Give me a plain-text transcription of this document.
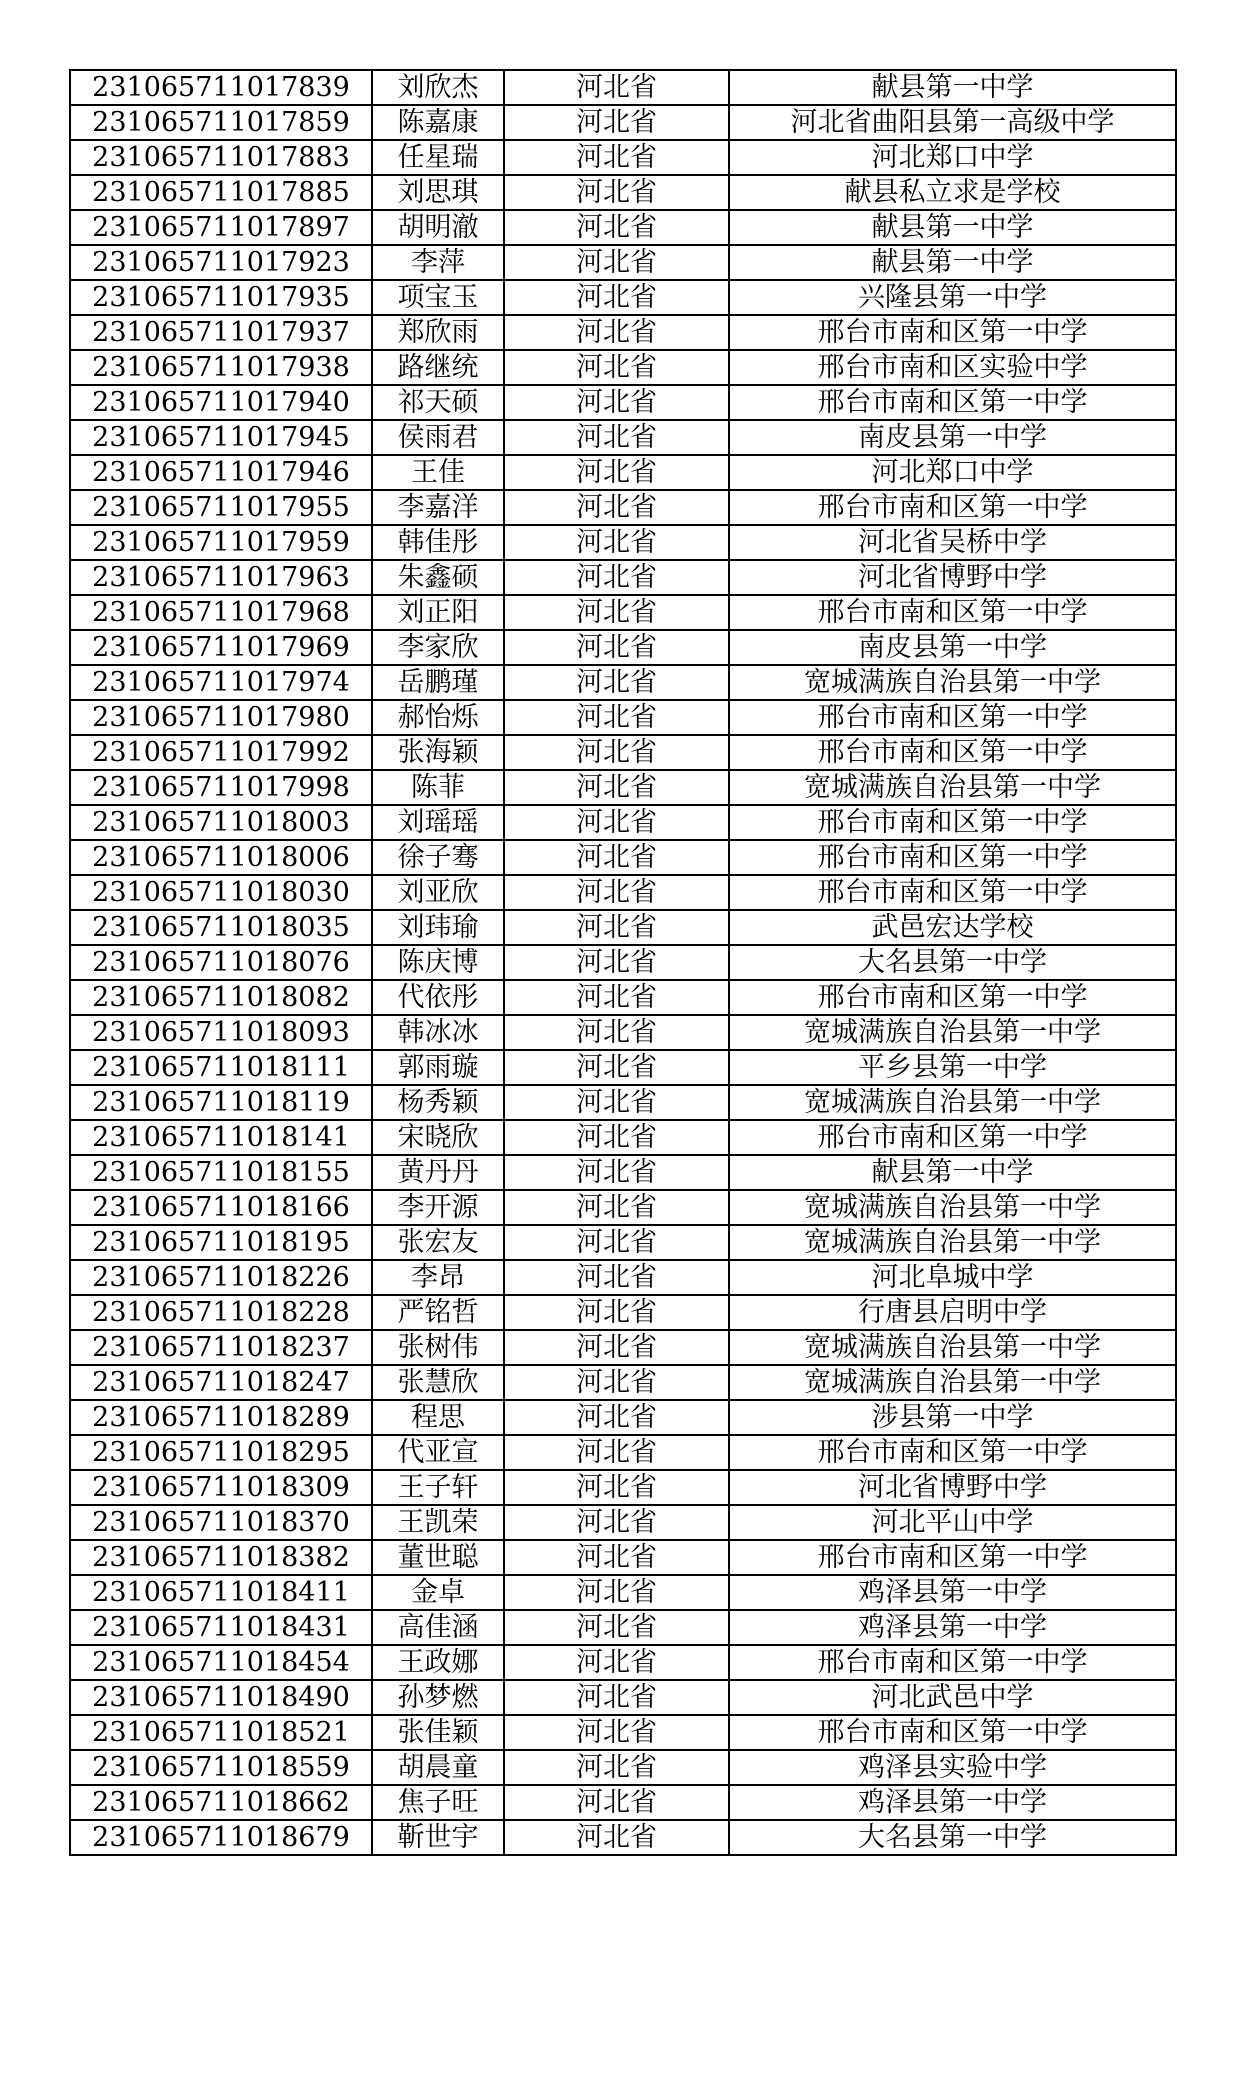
231065711017839	刘欣杰	河北省	献县第一中学
231065711017859	陈嘉康	河北省	河北省曲阳县第一高级中学
231065711017883	任星瑞	河北省	河北郑口中学
231065711017885	刘思琪	河北省	献县私立求是学校
231065711017897	胡明澈	河北省	献县第一中学
231065711017923	李萍	河北省	献县第一中学
231065711017935	项宝玉	河北省	兴隆县第一中学
231065711017937	郑欣雨	河北省	邢台市南和区第一中学
231065711017938	路继统	河北省	邢台市南和区实验中学
231065711017940	祁天硕	河北省	邢台市南和区第一中学
231065711017945	侯雨君	河北省	南皮县第一中学
231065711017946	王佳	河北省	河北郑口中学
231065711017955	李嘉洋	河北省	邢台市南和区第一中学
231065711017959	韩佳彤	河北省	河北省吴桥中学
231065711017963	朱鑫硕	河北省	河北省博野中学
231065711017968	刘正阳	河北省	邢台市南和区第一中学
231065711017969	李家欣	河北省	南皮县第一中学
231065711017974	岳鹏瑾	河北省	宽城满族自治县第一中学
231065711017980	郝怡烁	河北省	邢台市南和区第一中学
231065711017992	张海颖	河北省	邢台市南和区第一中学
231065711017998	陈菲	河北省	宽城满族自治县第一中学
231065711018003	刘瑶瑶	河北省	邢台市南和区第一中学
231065711018006	徐子骞	河北省	邢台市南和区第一中学
231065711018030	刘亚欣	河北省	邢台市南和区第一中学
231065711018035	刘玮瑜	河北省	武邑宏达学校
231065711018076	陈庆博	河北省	大名县第一中学
231065711018082	代依彤	河北省	邢台市南和区第一中学
231065711018093	韩冰冰	河北省	宽城满族自治县第一中学
231065711018111	郭雨璇	河北省	平乡县第一中学
231065711018119	杨秀颖	河北省	宽城满族自治县第一中学
231065711018141	宋晓欣	河北省	邢台市南和区第一中学
231065711018155	黄丹丹	河北省	献县第一中学
231065711018166	李开源	河北省	宽城满族自治县第一中学
231065711018195	张宏友	河北省	宽城满族自治县第一中学
231065711018226	李昂	河北省	河北阜城中学
231065711018228	严铭哲	河北省	行唐县启明中学
231065711018237	张树伟	河北省	宽城满族自治县第一中学
231065711018247	张慧欣	河北省	宽城满族自治县第一中学
231065711018289	程思	河北省	涉县第一中学
231065711018295	代亚宣	河北省	邢台市南和区第一中学
231065711018309	王子轩	河北省	河北省博野中学
231065711018370	王凯荣	河北省	河北平山中学
231065711018382	董世聪	河北省	邢台市南和区第一中学
231065711018411	金卓	河北省	鸡泽县第一中学
231065711018431	高佳涵	河北省	鸡泽县第一中学
231065711018454	王政娜	河北省	邢台市南和区第一中学
231065711018490	孙梦燃	河北省	河北武邑中学
231065711018521	张佳颖	河北省	邢台市南和区第一中学
231065711018559	胡晨童	河北省	鸡泽县实验中学
231065711018662	焦子旺	河北省	鸡泽县第一中学
231065711018679	靳世宇	河北省	大名县第一中学
